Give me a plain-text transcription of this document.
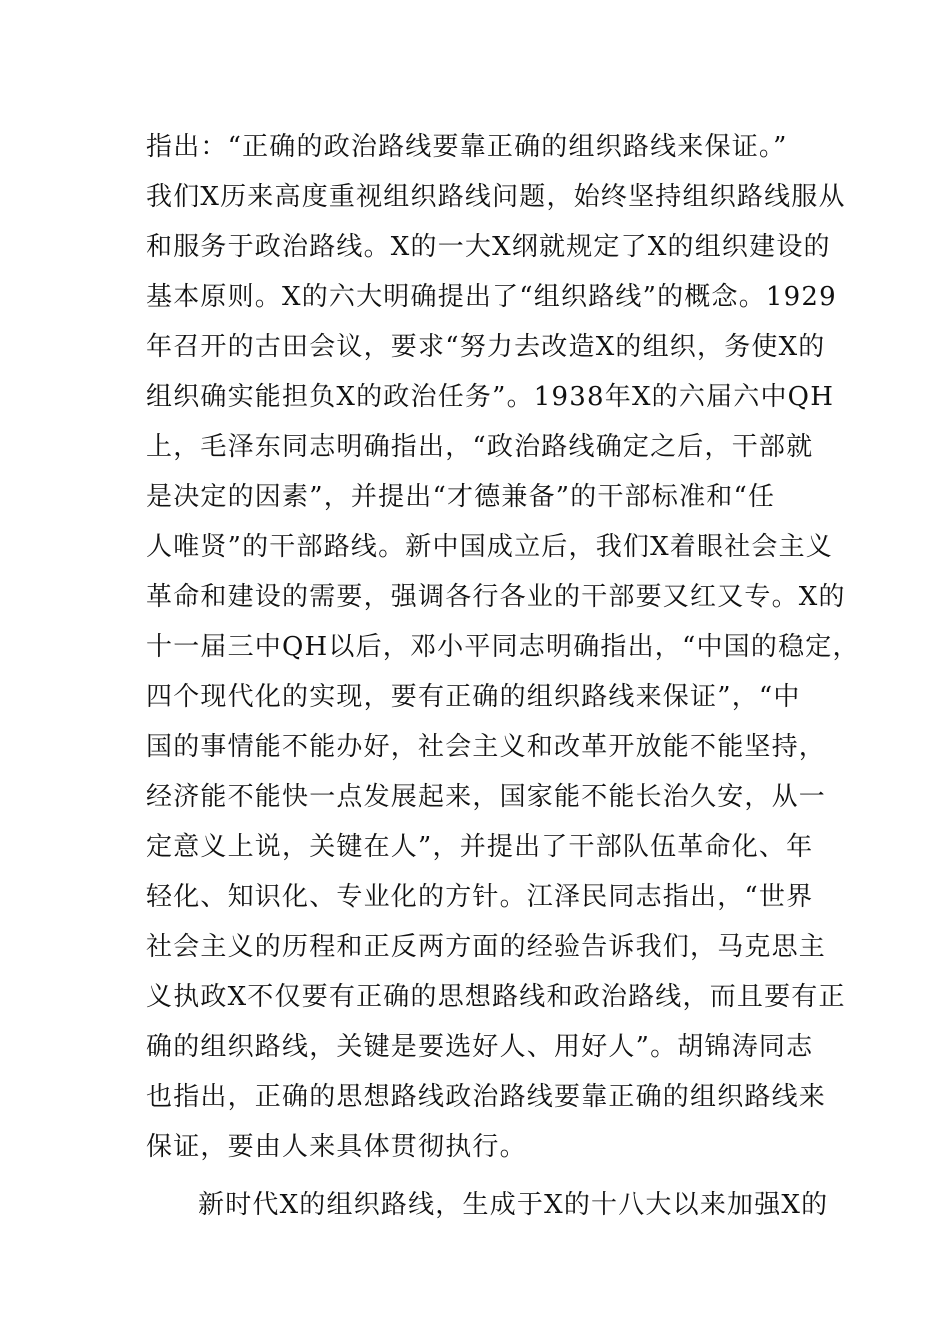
指出：“正确的政治路线要靠正确的组织路线来保证。”
我们X历来高度重视组织路线问题，始终坚持组织路线服从
和服务于政治路线。X的一大X纲就规定了X的组织建设的
基本原则。X的六大明确提出了“组织路线”的概念。1929
年召开的古田会议，要求“努力去改造X的组织，务使X的
组织确实能担负X的政治任务”。1938年X的六届六中QH
上，毛泽东同志明确指出，“政治路线确定之后，干部就
是决定的因素”，并提出“才德兼备”的干部标准和“任
人唯贤”的干部路线。新中国成立后，我们X着眼社会主义
革命和建设的需要，强调各行各业的干部要又红又专。X的
十一届三中QH以后，邓小平同志明确指出，“中国的稳定，
四个现代化的实现，要有正确的组织路线来保证”，“中
国的事情能不能办好，社会主义和改革开放能不能坚持，
经济能不能快一点发展起来，国家能不能长治久安，从一
定意义上说，关键在人”，并提出了干部队伍革命化、年
轻化、知识化、专业化的方针。江泽民同志指出，“世界
社会主义的历程和正反两方面的经验告诉我们，马克思主
义执政X不仅要有正确的思想路线和政治路线，而且要有正
确的组织路线，关键是要选好人、用好人”。胡锦涛同志
也指出，正确的思想路线政治路线要靠正确的组织路线来
保证，要由人来具体贯彻执行。
新时代X的组织路线，生成于X的十八大以来加强X的
